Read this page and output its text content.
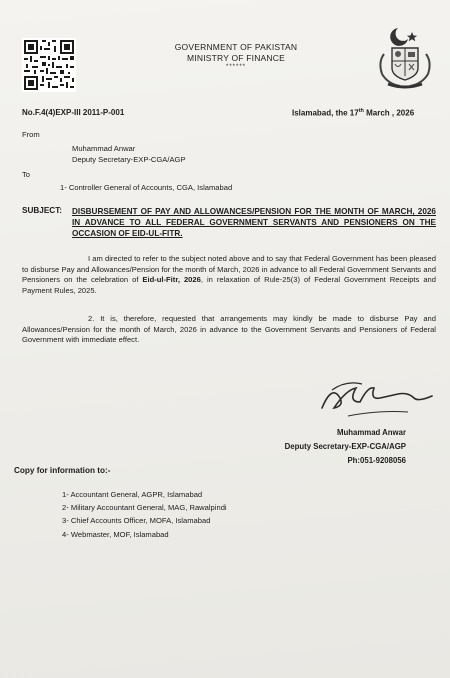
GOVERNMENT OF PAKISTAN
MINISTRY OF FINANCE
******
No.F.4(4)EXP-III 2011-P-001	Islamabad, the 17th March , 2026
From
Muhammad Anwar
Deputy Secretary-EXP-CGA/AGP
To
1- Controller General of Accounts, CGA, Islamabad
SUBJECT: DISBURSEMENT OF PAY AND ALLOWANCES/PENSION FOR THE MONTH OF MARCH, 2026 IN ADVANCE TO ALL FEDERAL GOVERNMENT SERVANTS AND PENSIONERS ON THE OCCASION OF EID-UL-FITR.
I am directed to refer to the subject noted above and to say that Federal Government has been pleased to disburse Pay and Allowances/Pension for the month of March, 2026 in advance to all Federal Government Servants and Pensioners on the celebration of Eid-ul-Fitr, 2026, in relaxation of Rule-25(3) of Federal Government Receipts and Payment Rules, 2025.
2. It is, therefore, requested that arrangements may kindly be made to disburse Pay and Allowances/Pension for the month of March, 2026 in advance to the Government Servants and Pensioners of Federal Government with immediate effect.
Muhammad Anwar
Deputy Secretary-EXP-CGA/AGP
Ph:051-9208056
Copy for information to:-
1- Accountant General, AGPR, Islamabad
2- Military Accountant General, MAG, Rawalpindi
3- Chief Accounts Officer, MOFA, Islamabad
4- Webmaster, MOF, Islamabad
